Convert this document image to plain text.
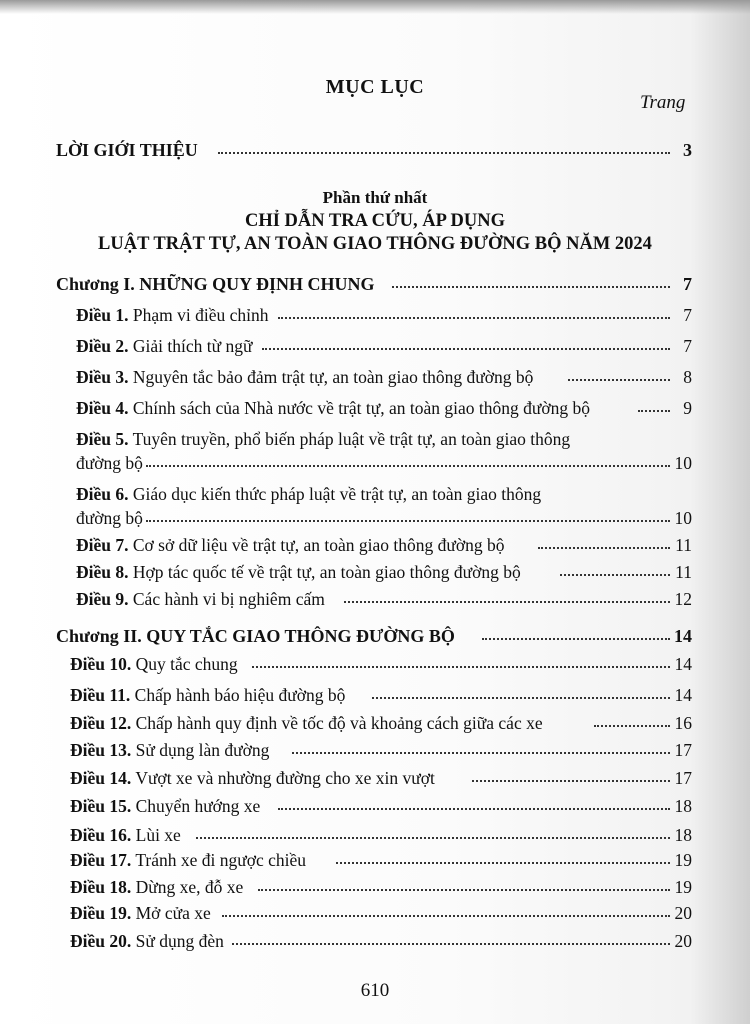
MỤC LỤC
Trang
LỜI GIỚI THIỆU	3
Phần thứ nhất
CHỈ DẪN TRA CỨU, ÁP DỤNG
LUẬT TRẬT TỰ, AN TOÀN GIAO THÔNG ĐƯỜNG BỘ NĂM 2024
Chương I. NHỮNG QUY ĐỊNH CHUNG	7
Điều 1. Phạm vi điều chỉnh	7
Điều 2. Giải thích từ ngữ	7
Điều 3. Nguyên tắc bảo đảm trật tự, an toàn giao thông đường bộ	8
Điều 4. Chính sách của Nhà nước về trật tự, an toàn giao thông đường bộ	9
Điều 5. Tuyên truyền, phổ biến pháp luật về trật tự, an toàn giao thông
đường bộ	10
Điều 6. Giáo dục kiến thức pháp luật về trật tự, an toàn giao thông
đường bộ	10
Điều 7. Cơ sở dữ liệu về trật tự, an toàn giao thông đường bộ	11
Điều 8. Hợp tác quốc tế về trật tự, an toàn giao thông đường bộ	11
Điều 9. Các hành vi bị nghiêm cấm	12
Chương II. QUY TẮC GIAO THÔNG ĐƯỜNG BỘ	14
Điều 10. Quy tắc chung	14
Điều 11. Chấp hành báo hiệu đường bộ	14
Điều 12. Chấp hành quy định về tốc độ và khoảng cách giữa các xe	16
Điều 13. Sử dụng làn đường	17
Điều 14. Vượt xe và nhường đường cho xe xin vượt	17
Điều 15. Chuyển hướng xe	18
Điều 16. Lùi xe	18
Điều 17. Tránh xe đi ngược chiều	19
Điều 18. Dừng xe, đỗ xe	19
Điều 19. Mở cửa xe	20
Điều 20. Sử dụng đèn	20
610
